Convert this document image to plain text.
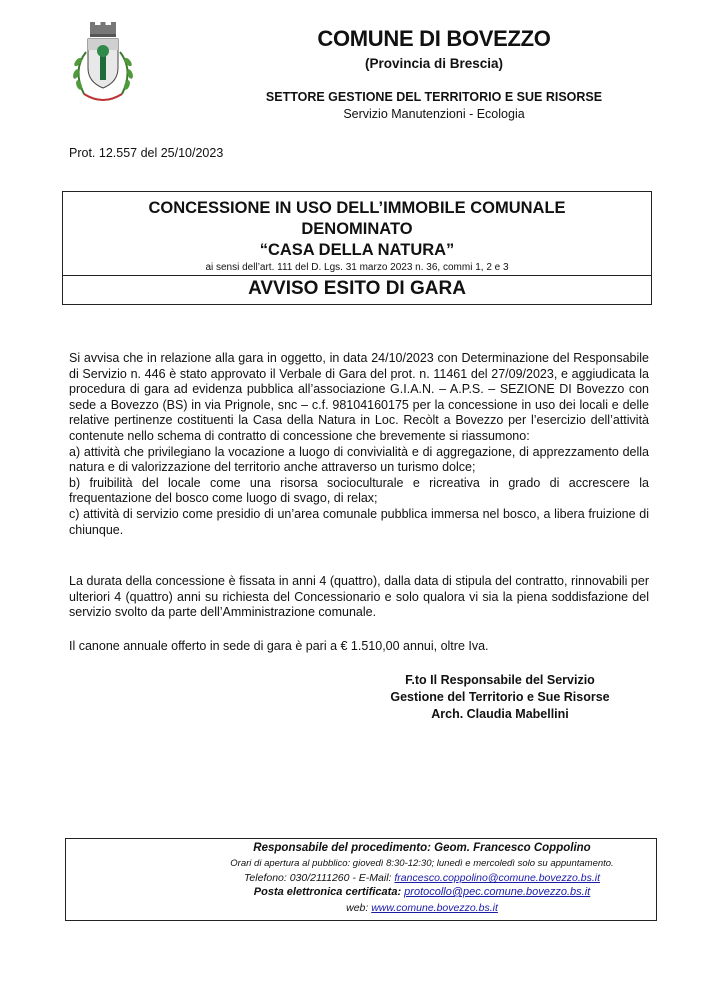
COMUNE DI BOVEZZO
(Provincia di Brescia)
SETTORE GESTIONE DEL TERRITORIO E SUE RISORSE
Servizio Manutenzioni - Ecologia
Prot. 12.557 del 25/10/2023
CONCESSIONE IN USO DELL’IMMOBILE COMUNALE
DENOMINATO
“CASA DELLA NATURA”
ai sensi dell’art. 111 del D. Lgs. 31 marzo 2023 n. 36, commi 1, 2 e 3
AVVISO ESITO DI GARA
Si avvisa che in relazione alla gara in oggetto, in data 24/10/2023 con Determinazione del Responsabile di Servizio n. 446 è stato approvato il Verbale di Gara del prot. n. 11461 del 27/09/2023, e aggiudicata la procedura di gara ad evidenza pubblica all’associazione G.I.A.N. – A.P.S. – SEZIONE DI Bovezzo con sede a Bovezzo (BS) in via Prignole, snc – c.f. 98104160175 per la concessione in uso dei locali e delle relative pertinenze costituenti la Casa della Natura in Loc. Recòlt a Bovezzo per l’esercizio dell’attività contenute nello schema di contratto di concessione che brevemente si riassumono:
a) attività che privilegiano la vocazione a luogo di convivialità e di aggregazione, di apprezzamento della natura e di valorizzazione del territorio anche attraverso un turismo dolce;
b) fruibilità del locale come una risorsa socioculturale e ricreativa in grado di accrescere la frequentazione del bosco come luogo di svago, di relax;
c) attività di servizio come presidio di un’area comunale pubblica immersa nel bosco, a libera fruizione di chiunque.
La durata della concessione è fissata in anni 4 (quattro), dalla data di stipula del contratto, rinnovabili per ulteriori 4 (quattro) anni su richiesta del Concessionario e solo qualora vi sia la piena soddisfazione del servizio svolto da parte dell’Amministrazione comunale.
Il canone annuale offerto in sede di gara è pari a € 1.510,00 annui, oltre Iva.
F.to Il Responsabile del Servizio
Gestione del Territorio e Sue Risorse
Arch. Claudia Mabellini
Responsabile del procedimento: Geom. Francesco Coppolino
Orari di apertura al pubblico: giovedì 8:30-12:30; lunedì e mercoledì solo su appuntamento.
Telefono: 030/2111260 - E-Mail: francesco.coppolino@comune.bovezzo.bs.it
Posta elettronica certificata: protocollo@pec.comune.bovezzo.bs.it
web: www.comune.bovezzo.bs.it
